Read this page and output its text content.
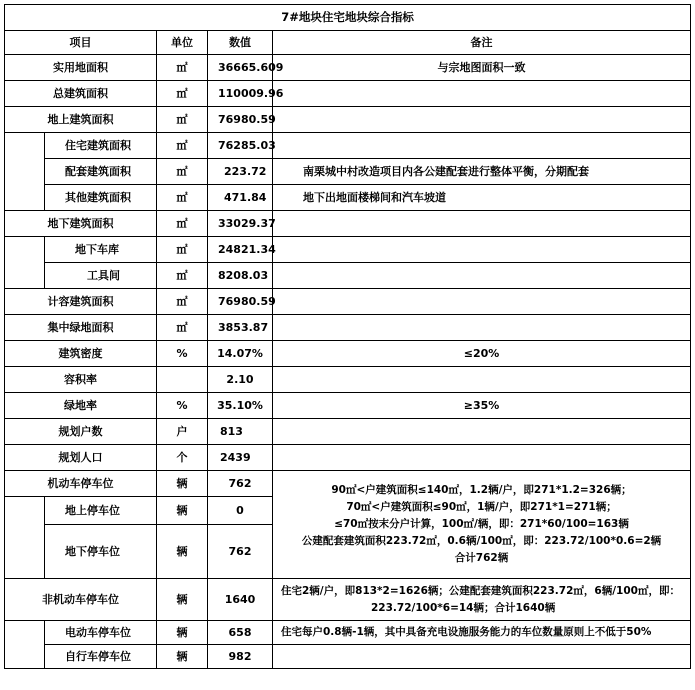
7#地块住宅地块综合指标				
项目		单位	数值	备注
实用地面积		㎡	36665.609	与宗地图面积一致
总建筑面积		㎡	110009.96	
地上建筑面积		㎡	76980.59	
	住宅建筑面积	㎡	76285.03	
	配套建筑面积	㎡	223.72	南栗城中村改造项目内各公建配套进行整体平衡，分期配套
	其他建筑面积	㎡	471.84	地下出地面楼梯间和汽车坡道
地下建筑面积		㎡	33029.37	
	地下车库	㎡	24821.34	
	工具间	㎡	8208.03	
计容建筑面积		㎡	76980.59	
集中绿地面积		㎡	3853.87	
建筑密度		%	14.07%	≤20%
容积率			2.10	
绿地率		%	35.10%	≥35%
规划户数		户	813	
规划人口		个	2439	
机动车停车位		辆	762	90㎡<户建筑面积≤140㎡，1.2辆/户，即271*1.2=326辆；
70㎡<户建筑面积≤90㎡，1辆/户，即271*1=271辆；
≤70㎡按末分户计算，100㎡/辆，即：271*60/100=163辆
公建配套建筑面积223.72㎡，0.6辆/100㎡，即：223.72/100*0.6=2辆
合计762辆

	地上停车位	辆	0	
	地下停车位	辆	762	
非机动车停车位		辆	1640	住宅2辆/户，即813*2=1626辆；公建配套建筑面积223.72㎡，6辆/100㎡，即：
223.72/100*6=14辆；合计1640辆

	电动车停车位	辆	658	住宅每户0.8辆-1辆，其中具备充电设施服务能力的车位数量原则上不低于50%
	自行车停车位	辆	982	
